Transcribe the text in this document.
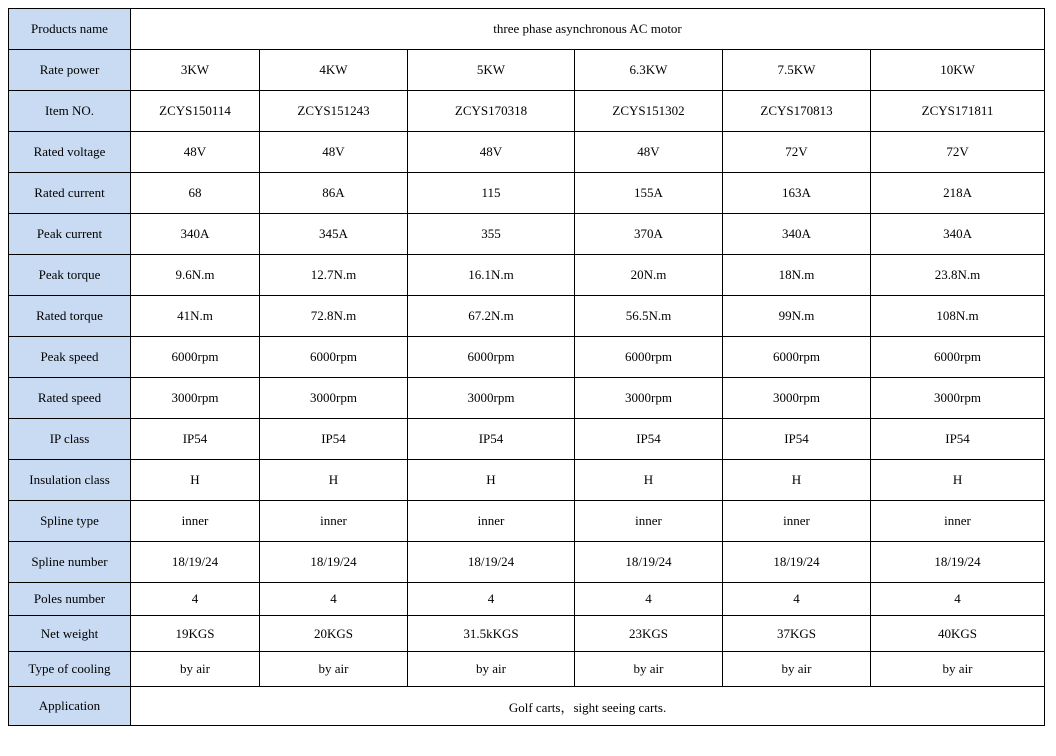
Products name	three phase asynchronous AC motor					
Rate power	3KW	4KW	5KW	6.3KW	7.5KW	10KW
Item NO.	ZCYS150114	ZCYS151243	ZCYS170318	ZCYS151302	ZCYS170813	ZCYS171811
Rated voltage	48V	48V	48V	48V	72V	72V
Rated current	68	86A	115	155A	163A	218A
Peak current	340A	345A	355	370A	340A	340A
Peak torque	9.6N.m	12.7N.m	16.1N.m	20N.m	18N.m	23.8N.m
Rated torque	41N.m	72.8N.m	67.2N.m	56.5N.m	99N.m	108N.m
Peak speed	6000rpm	6000rpm	6000rpm	6000rpm	6000rpm	6000rpm
Rated speed	3000rpm	3000rpm	3000rpm	3000rpm	3000rpm	3000rpm
IP class	IP54	IP54	IP54	IP54	IP54	IP54
Insulation class	H	H	H	H	H	H
Spline type	inner	inner	inner	inner	inner	inner
Spline number	18/19/24	18/19/24	18/19/24	18/19/24	18/19/24	18/19/24
Poles number	4	4	4	4	4	4
Net weight	19KGS	20KGS	31.5kKGS	23KGS	37KGS	40KGS
Type of cooling	by air	by air	by air	by air	by air	by air
Application	Golf carts，sight seeing carts.					
